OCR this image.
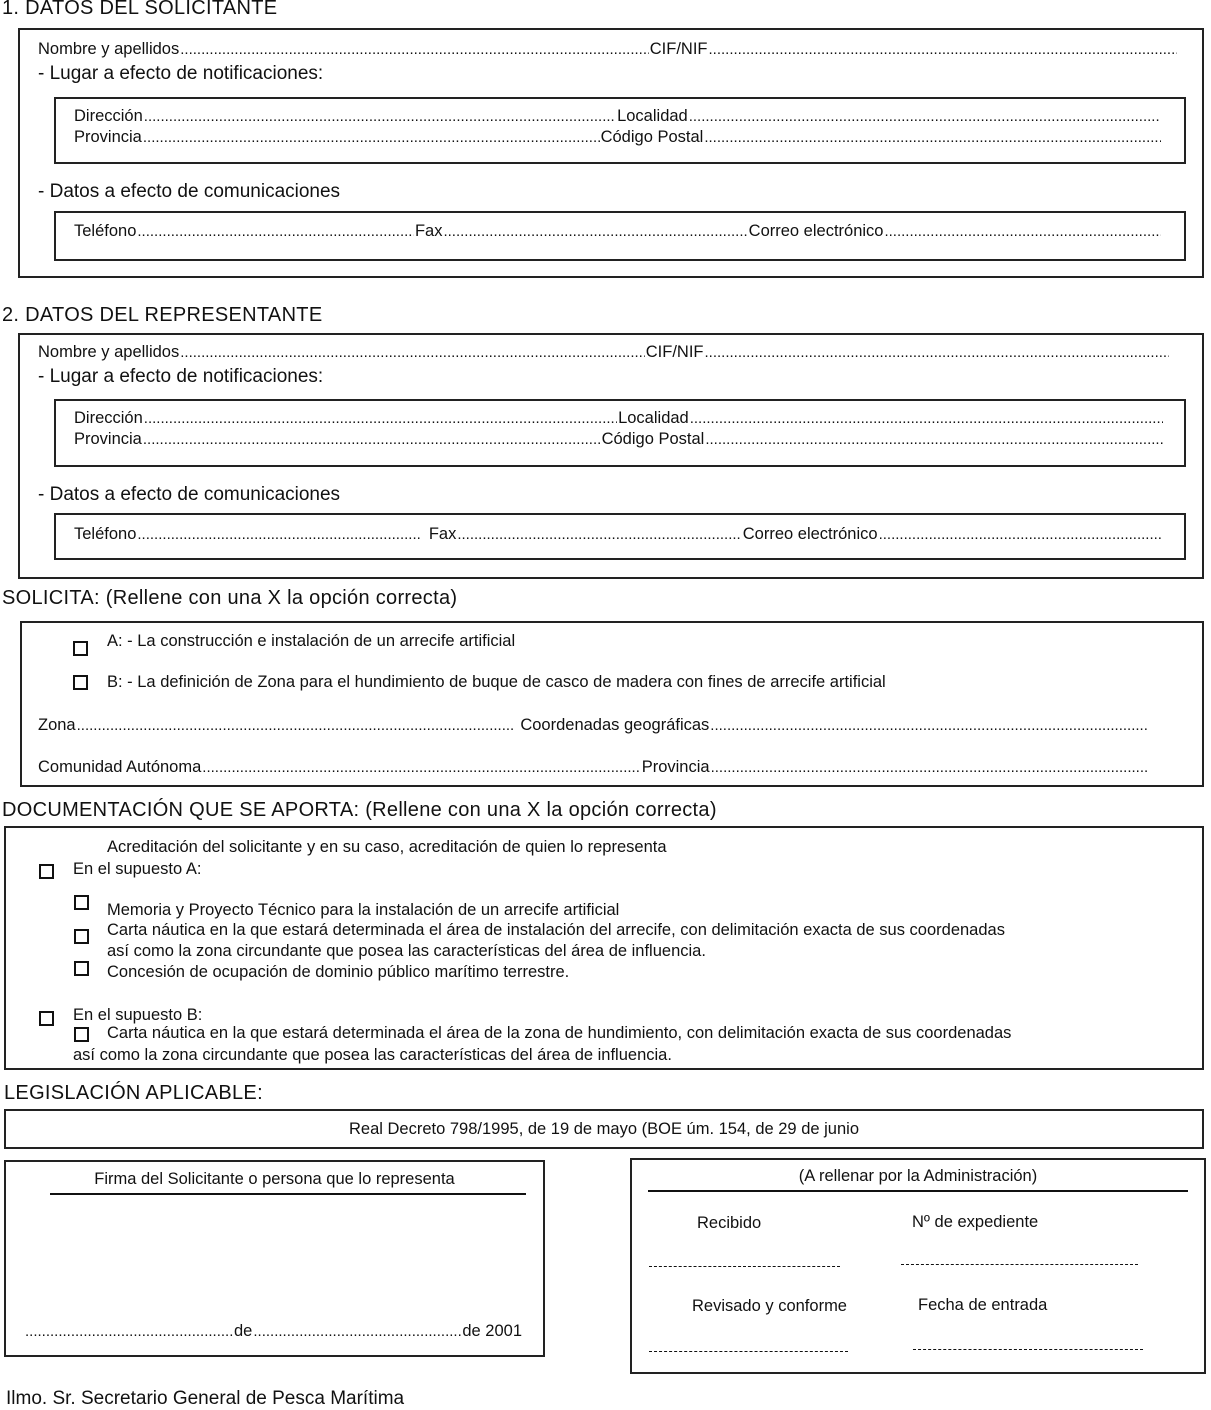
1. DATOS DEL SOLICITANTE
Nombre y apellidos .....	CIF/NIF
.....
- Lugar a efecto de notificaciones:
Dirección .....	Localidad
.....
Provincia .....	Código Postal
.....
- Datos a efecto de comunicaciones
Teléfono .....	Fax .....	Correo electrónico
.....
2. DATOS DEL REPRESENTANTE
Nombre y apellidos .....	CIF/NIF
.....
- Lugar a efecto de notificaciones:
Dirección .....	Localidad
.....
Provincia .....	Código Postal
.....
- Datos a efecto de comunicaciones
Teléfono .....	Fax .....	Correo electrónico
.....
SOLICITA: (Rellene con una X la opción correcta)
A: - La construcción e instalación de un arrecife artificial
B: - La definición de Zona para el hundimiento de buque de casco de madera con fines de arrecife artificial
Zona .....	Coordenadas geográficas
.....
Comunidad Autónoma .....	Provincia
.....
DOCUMENTACIÓN QUE SE APORTA: (Rellene con una X la opción correcta)
Acreditación del solicitante y en su caso, acreditación de quien lo representa
En el supuesto A:
Memoria y Proyecto Técnico para la instalación de un arrecife artificial
Carta náutica en la que estará determinada el área de instalación del arrecife, con delimitación exacta de sus coordenadas
así como la zona circundante que posea las características del área de influencia.
Concesión de ocupación de dominio público marítimo terrestre.
En el supuesto B:
Carta náutica en la que estará determinada el área de la zona de hundimiento, con delimitación exacta de sus coordenadas
así como la zona circundante que posea las características del área de influencia.
LEGISLACIÓN APLICABLE:
Real Decreto 798/1995, de 19 de mayo (BOE úm. 154, de 29 de junio
Firma del Solicitante o persona que lo representa
.....
de .....	de 2001
(A rellenar por la Administración)
Recibido	Nº de expediente
Revisado y conforme	Fecha de entrada
Ilmo. Sr. Secretario General de Pesca Marítima
